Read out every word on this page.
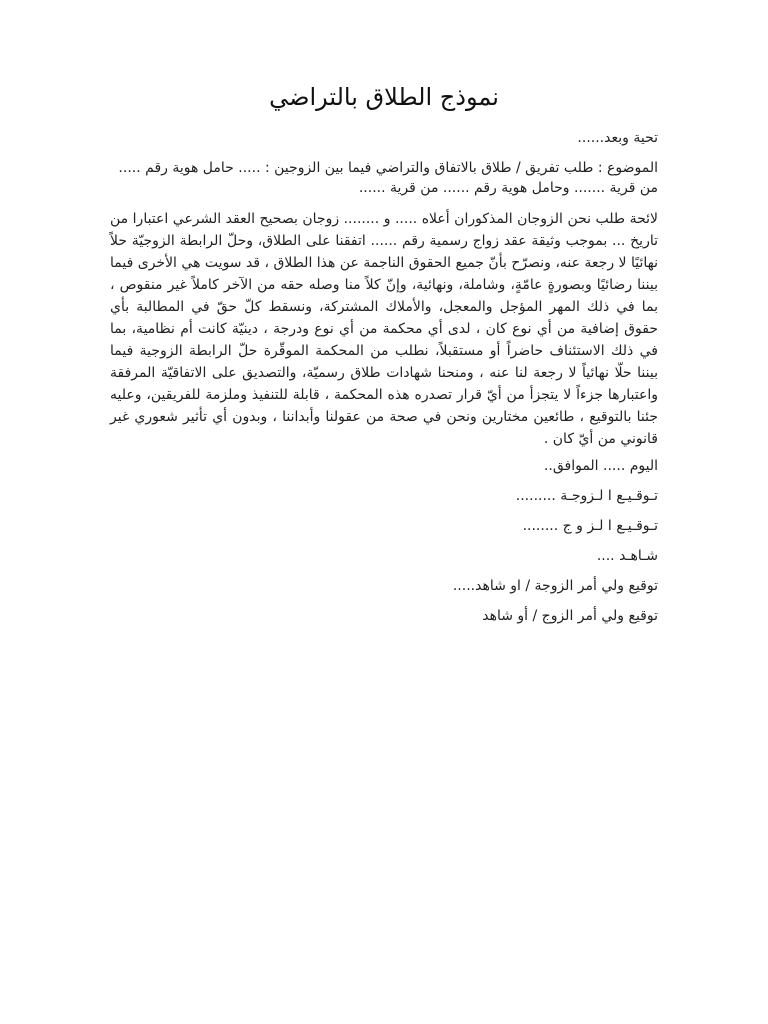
نموذج الطلاق بالتراضي

تحية وبعد......

الموضوع : طلب تفريق / طلاق بالاتفاق والتراضي فيما بين الزوجين : ..... حامل هوية رقم ..... من قرية ....... وحامل هوية رقم ...... من قرية ......

لائحة طلب نحن الزوجان المذكوران أعلاه ..... و ........ زوجان بصحيح العقد الشرعي اعتبارا من تاريخ ... بموجب وثيقة عقد زواج رسمية رقم ...... اتفقنا على الطلاق، وحلّ الرابطة الزوجيّة حلاً نهائيًا لا رجعة عنه، ونصرّح بأنّ جميع الحقوق الناجمة عن هذا الطلاق ، قد سويت هي الأخرى فيما بيننا رضائيًا وبصورةٍ عامّةٍ، وشاملة، ونهائية، وإنّ كلاً منا وصله حقه من الآخر كاملاً غير منقوص ، بما في ذلك المهر المؤجل والمعجل، والأملاك المشتركة، ونسقط كلّ حقّ في المطالبة بأي حقوق إضافية من أي نوع كان ، لدى أي محكمة من أي نوع ودرجة ، دينيّة كانت أم نظامية، بما في ذلك الاستئناف حاضراً أو مستقبلاً، نطلب من المحكمة الموقّرة حلّ الرابطة الزوجية فيما بيننا حلّا نهائياً لا رجعة لنا عنه ، ومنحنا شهادات طلاق رسميّة، والتصديق على الاتفاقيّة المرفقة واعتبارها جزءاً لا يتجزأ من أيّ قرار تصدره هذه المحكمة ، قابلة للتنفيذ وملزمة للفريقين، وعليه جئنا بالتوقيع ، طائعين مختارين ونحن في صحة من عقولنا وأبداننا ، وبدون أي تأثير شعوري غير قانوني من أيّ كان .

اليوم ..... الموافق..

تـوقـيـع ا لـزوجـة .........

تـوقـيـع ا لـز و ج ........

شـاهـد ....

توقيع ولي أمر الزوجة / او شاهد.....

توقيع ولي أمر الزوج / أو شاهد
